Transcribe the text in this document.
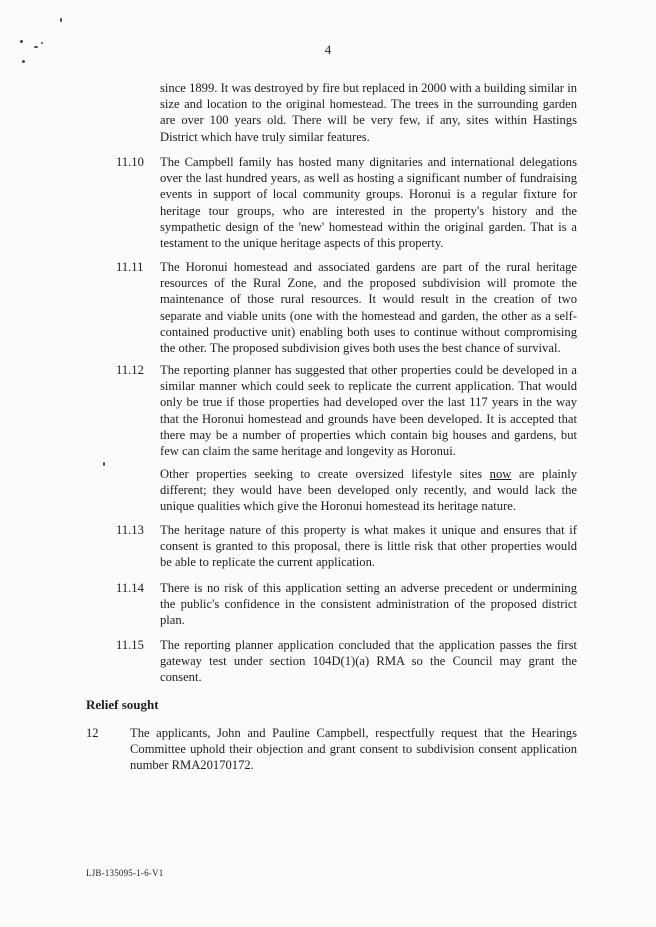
4

since 1899. It was destroyed by fire but replaced in 2000 with a building similar in size and location to the original homestead. The trees in the surrounding garden are over 100 years old. There will be very few, if any, sites within Hastings District which have truly similar features.

11.10	The Campbell family has hosted many dignitaries and international delegations over the last hundred years, as well as hosting a significant number of fundraising events in support of local community groups. Horonui is a regular fixture for heritage tour groups, who are interested in the property's history and the sympathetic design of the 'new' homestead within the original garden. That is a testament to the unique heritage aspects of this property.
11.11	The Horonui homestead and associated gardens are part of the rural heritage resources of the Rural Zone, and the proposed subdivision will promote the maintenance of those rural resources. It would result in the creation of two separate and viable units (one with the homestead and garden, the other as a self-contained productive unit) enabling both uses to continue without compromising the other. The proposed subdivision gives both uses the best chance of survival.
11.12	The reporting planner has suggested that other properties could be developed in a similar manner which could seek to replicate the current application. That would only be true if those properties had developed over the last 117 years in the way that the Horonui homestead and grounds have been developed. It is accepted that there may be a number of properties which contain big houses and gardens, but few can claim the same heritage and longevity as Horonui.

Other properties seeking to create oversized lifestyle sites now are plainly different; they would have been developed only recently, and would lack the unique qualities which give the Horonui homestead its heritage nature.

11.13	The heritage nature of this property is what makes it unique and ensures that if consent is granted to this proposal, there is little risk that other properties would be able to replicate the current application.
11.14	There is no risk of this application setting an adverse precedent or undermining the public's confidence in the consistent administration of the proposed district plan.
11.15	The reporting planner application concluded that the application passes the first gateway test under section 104D(1)(a) RMA so the Council may grant the consent.
Relief sought
12	The applicants, John and Pauline Campbell, respectfully request that the Hearings Committee uphold their objection and grant consent to subdivision consent application number RMA20170172.
LJB-135095-1-6-V1
